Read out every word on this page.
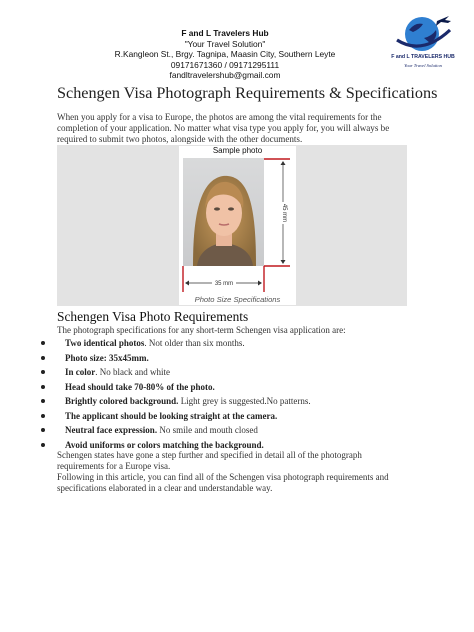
F and L Travelers Hub
"Your Travel Solution"
R.Kangleon St., Brgy. Tagnipa, Maasin City, Southern Leyte
09171671360 / 09171295111
fandltravelershub@gmail.com
F and L TRAVELERS HUB
Your Travel Solution
Schengen Visa Photograph Requirements & Specifications

When you apply for a visa to Europe, the photos are among the vital requirements for the completion of your application. No matter what visa type you apply for, you will always be required to submit two photos, alongside with the other documents.

Sample photo
45 mm
35 mm
Photo Size Specifications
Schengen Visa Photo Requirements

The photograph specifications for any short-term Schengen visa application are:

Two identical photos. Not older than six months.
Photo size: 35x45mm.
In color. No black and white
Head should take 70-80% of the photo.
Brightly colored background. Light grey is suggested.No patterns.
The applicant should be looking straight at the camera.
Neutral face expression. No smile and mouth closed
Avoid uniforms or colors matching the background.
Schengen states have gone a step further and specified in detail all of the photograph requirements for a Europe visa.
Following in this article, you can find all of the Schengen visa photograph requirements and specifications elaborated in a clear and understandable way.
